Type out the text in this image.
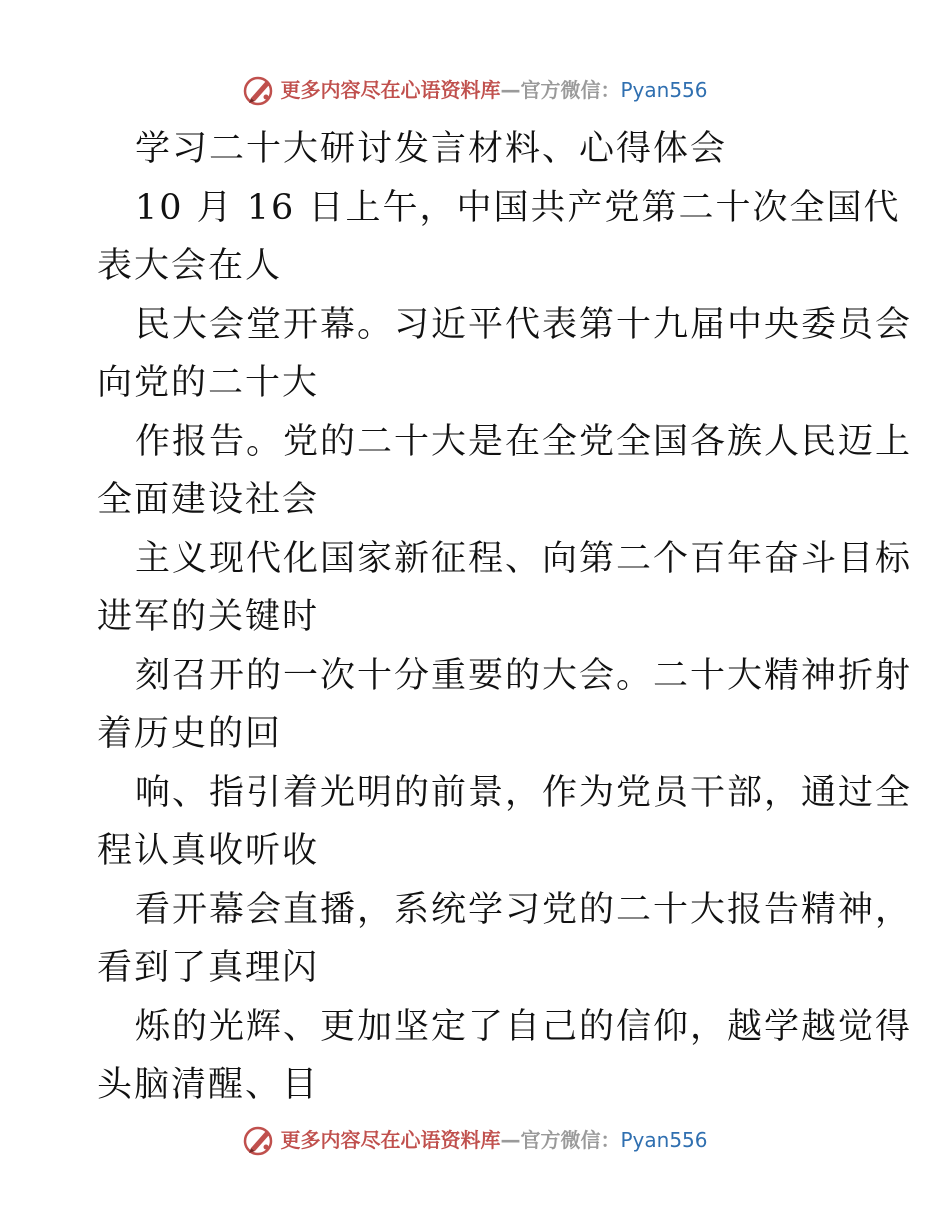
更多内容尽在心语资料库 —官方微信： Pyan556
学习二十大研讨发言材料、心得体会
10 月 16 日上午，中国共产党第二十次全国代
表大会在人
民大会堂开幕。习近平代表第十九届中央委员会
向党的二十大
作报告。党的二十大是在全党全国各族人民迈上
全面建设社会
主义现代化国家新征程、向第二个百年奋斗目标
进军的关键时
刻召开的一次十分重要的大会。二十大精神折射
着历史的回
响、指引着光明的前景，作为党员干部，通过全
程认真收听收
看开幕会直播，系统学习党的二十大报告精神，
看到了真理闪
烁的光辉、更加坚定了自己的信仰，越学越觉得
头脑清醒、目
更多内容尽在心语资料库 —官方微信： Pyan556
